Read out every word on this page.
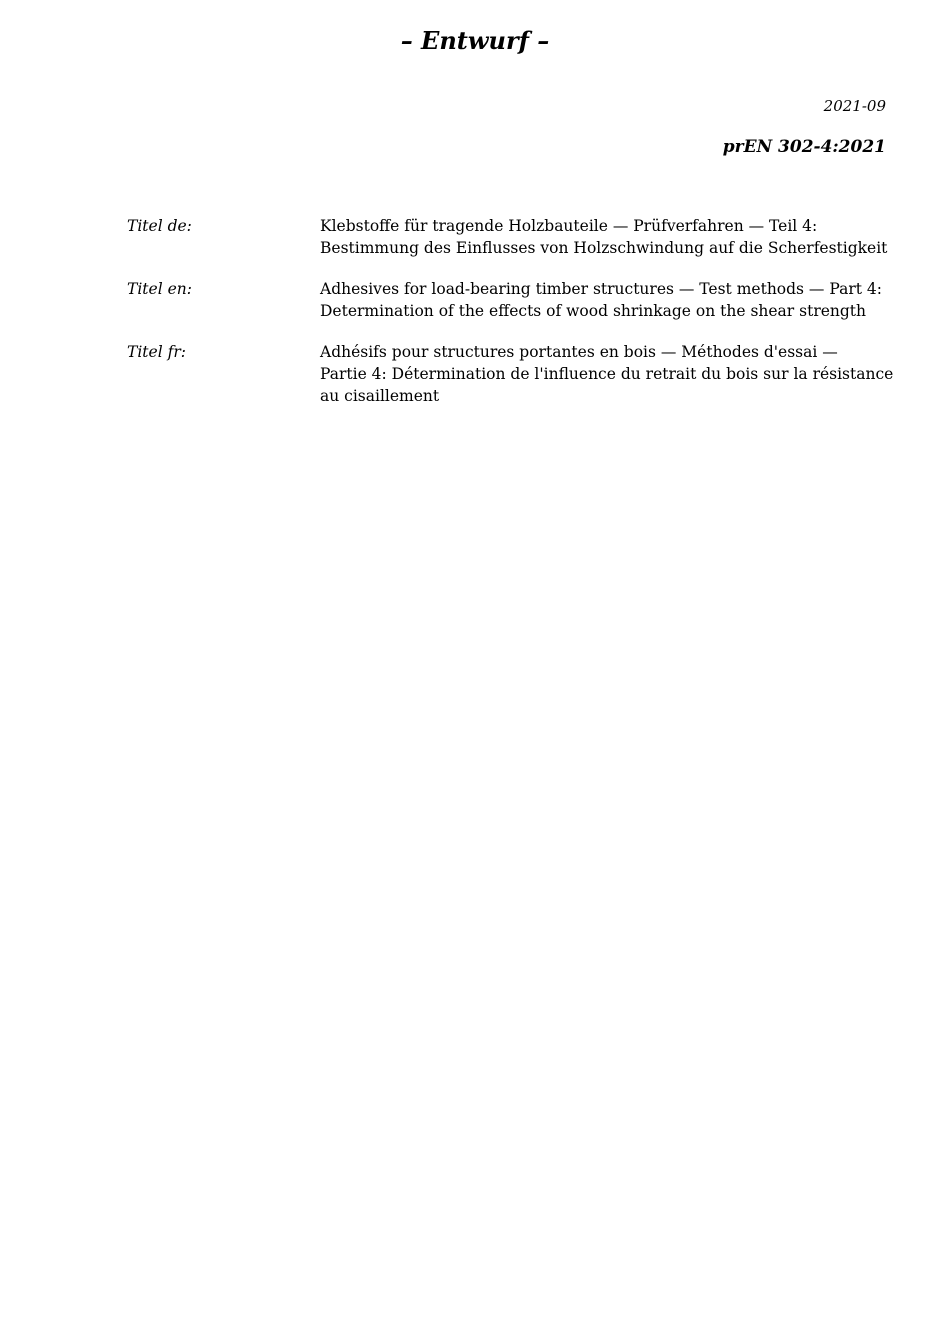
– Entwurf –
2021-09
prEN 302-4:2021
Titel de:	Klebstoffe für tragende Holzbauteile — Prüfverfahren — Teil 4:
Bestimmung des Einflusses von Holzschwindung auf die Scherfestigkeit
Titel en:	Adhesives for load-bearing timber structures — Test methods — Part 4:
Determination of the effects of wood shrinkage on the shear strength
Titel fr:	Adhésifs pour structures portantes en bois — Méthodes d'essai —
Partie 4: Détermination de l'influence du retrait du bois sur la résistance
au cisaillement
